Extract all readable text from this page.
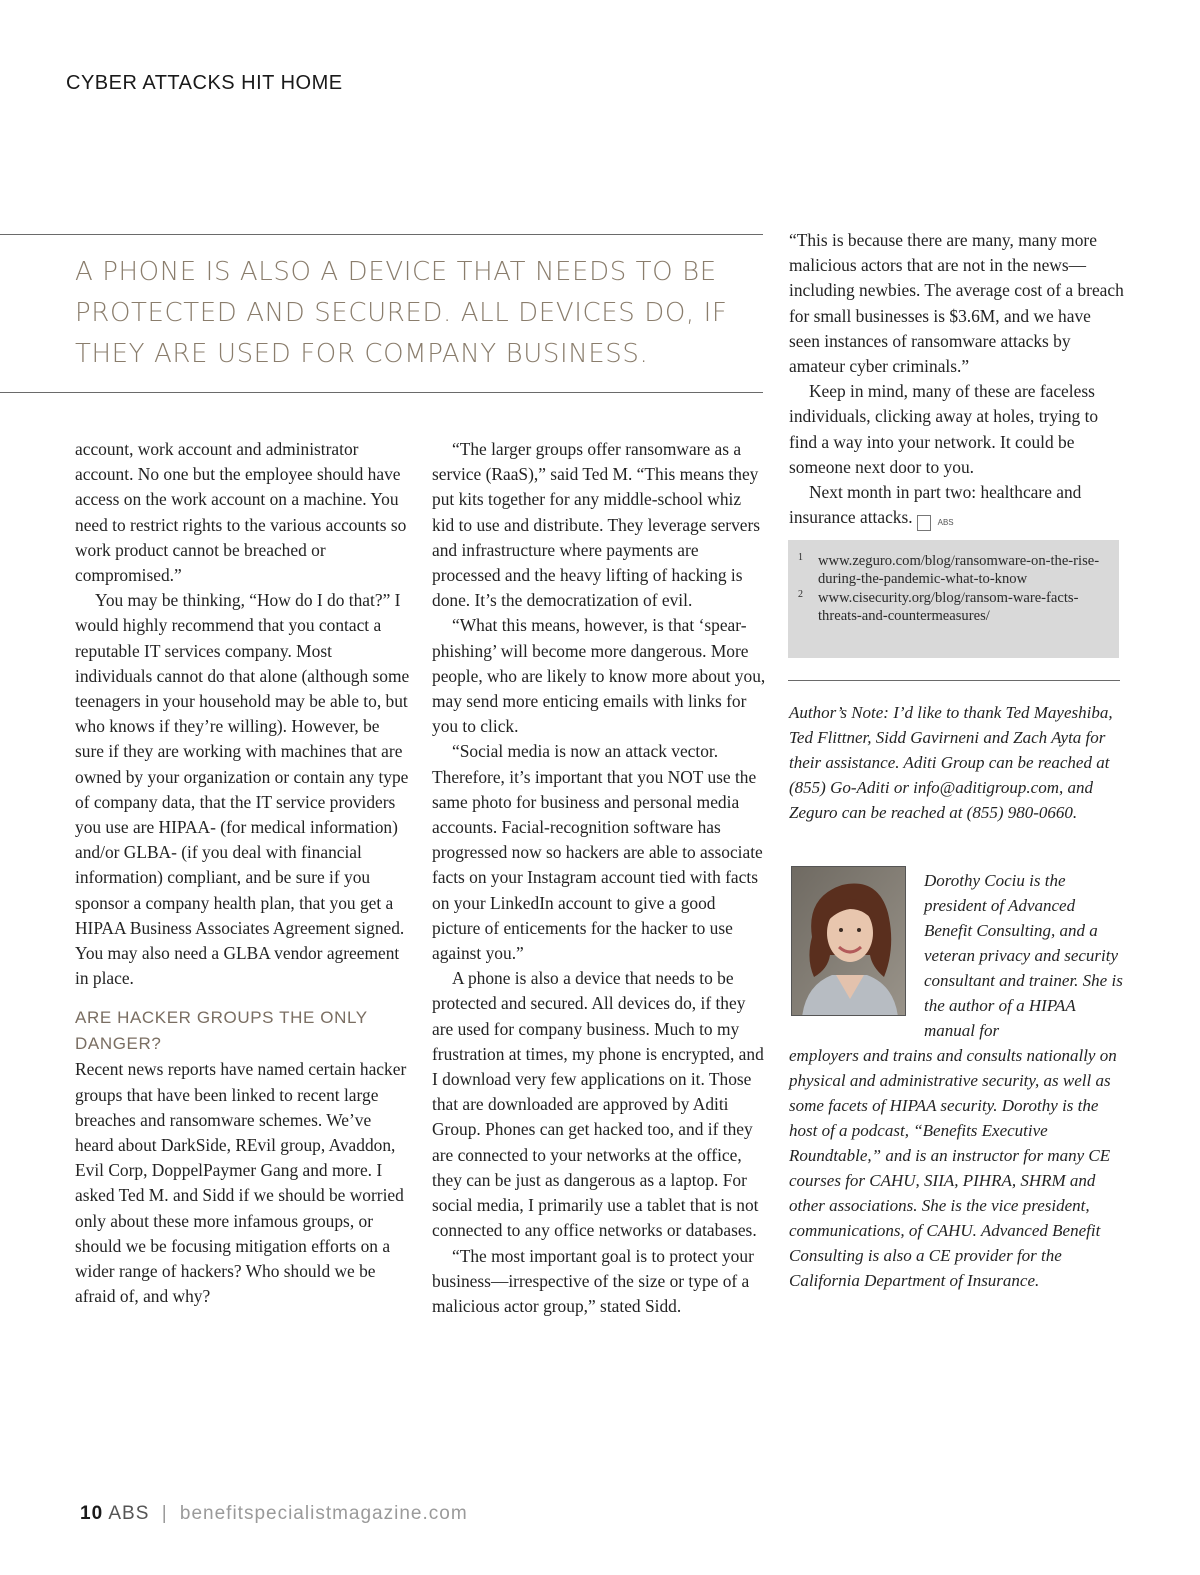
CYBER ATTACKS HIT HOME

A PHONE IS ALSO A DEVICE THAT NEEDS TO BE PROTECTED AND SECURED. ALL DEVICES DO, IF THEY ARE USED FOR COMPANY BUSINESS.

account, work account and administrator account. No one but the employee should have access on the work account on a machine. You need to restrict rights to the various accounts so work product cannot be breached or compromised.”

You may be thinking, “How do I do that?” I would highly recommend that you contact a reputable IT services company. Most individuals cannot do that alone (although some teenagers in your household may be able to, but who knows if they’re willing). However, be sure if they are working with machines that are owned by your organization or contain any type of company data, that the IT service providers you use are HIPAA- (for medical information) and/or GLBA- (if you deal with financial information) compliant, and be sure if you sponsor a company health plan, that you get a HIPAA Business Associates Agreement signed. You may also need a GLBA vendor agreement in place.

ARE HACKER GROUPS THE ONLY DANGER?

Recent news reports have named certain hacker groups that have been linked to recent large breaches and ransomware schemes. We’ve heard about DarkSide, REvil group, Avaddon, Evil Corp, DoppelPaymer Gang and more. I asked Ted M. and Sidd if we should be worried only about these more infamous groups, or should we be focusing mitigation efforts on a wider range of hackers? Who should we be afraid of, and why?

“The larger groups offer ransomware as a service (RaaS),” said Ted M. “This means they put kits together for any middle-school whiz kid to use and distribute. They leverage servers and infrastructure where payments are processed and the heavy lifting of hacking is done. It’s the democratization of evil.

“What this means, however, is that ‘spear-phishing’ will become more dangerous. More people, who are likely to know more about you, may send more enticing emails with links for you to click.

“Social media is now an attack vector. Therefore, it’s important that you NOT use the same photo for business and personal media accounts. Facial-recognition software has progressed now so hackers are able to associate facts on your Instagram account tied with facts on your LinkedIn account to give a good picture of enticements for the hacker to use against you.”

A phone is also a device that needs to be protected and secured. All devices do, if they are used for company business. Much to my frustration at times, my phone is encrypted, and I download very few applications on it. Those that are downloaded are approved by Aditi Group. Phones can get hacked too, and if they are connected to your networks at the office, they can be just as dangerous as a laptop. For social media, I primarily use a tablet that is not connected to any office networks or databases.

“The most important goal is to protect your business—irrespective of the size or type of a malicious actor group,” stated Sidd.

“This is because there are many, many more malicious actors that are not in the news—including newbies. The average cost of a breach for small businesses is $3.6M, and we have seen instances of ransomware attacks by amateur cyber criminals.”

Keep in mind, many of these are faceless individuals, clicking away at holes, trying to find a way into your network. It could be someone next door to you.

Next month in part two: healthcare and insurance attacks.	ABS

1	www.zeguro.com/blog/ransomware-on-the-rise-during-the-pandemic-what-to-know
2	www.cisecurity.org/blog/ransom-ware-facts-threats-and-countermeasures/

Author’s Note: I’d like to thank Ted Mayeshiba, Ted Flittner, Sidd Gavirneni and Zach Ayta for their assistance. Aditi Group can be reached at (855) Go-Aditi or info@aditigroup.com, and Zeguro can be reached at (855) 980-0660.

Dorothy Cociu is the president of Advanced Benefit Consulting, and a veteran privacy and security consultant and trainer. She is the author of a HIPAA manual for

employers and trains and consults nationally on physical and administrative security, as well as some facets of HIPAA security. Dorothy is the host of a podcast, “Benefits Executive Roundtable,” and is an instructor for many CE courses for CAHU, SIIA, PIHRA, SHRM and other associations. She is the vice president, communications, of CAHU. Advanced Benefit Consulting is also a CE provider for the California Department of Insurance.

10 ABS | benefitspecialistmagazine.com
